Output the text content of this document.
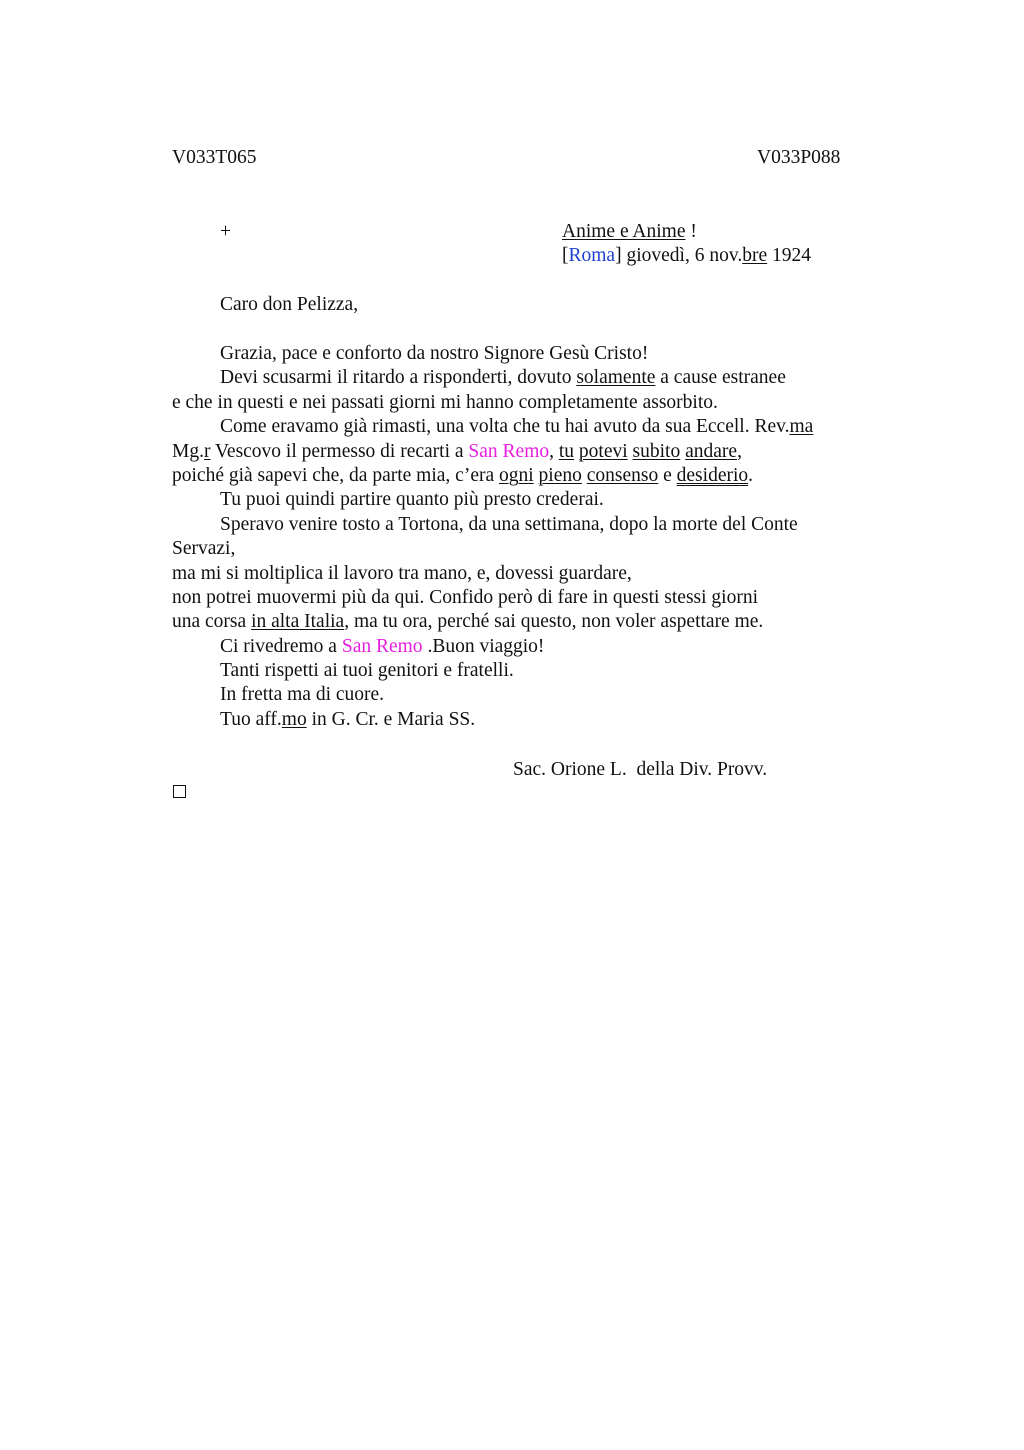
V033T065	V033P088
+	Anime e Anime !
[Roma] giovedì, 6 nov.bre 1924
Caro don Pelizza,
Grazia, pace e conforto da nostro Signore Gesù Cristo!
Devi scusarmi il ritardo a risponderti, dovuto solamente a cause estranee
e che in questi e nei passati giorni mi hanno completamente assorbito.
Come eravamo già rimasti, una volta che tu hai avuto da sua Eccell. Rev.ma
Mg.r Vescovo il permesso di recarti a San Remo, tu potevi subito andare,
poiché già sapevi che, da parte mia, c’era ogni pieno consenso e desiderio.
Tu puoi quindi partire quanto più presto crederai.
Speravo venire tosto a Tortona, da una settimana, dopo la morte del Conte
Servazi,
ma mi si moltiplica il lavoro tra mano, e, dovessi guardare,
non potrei muovermi più da qui. Confido però di fare in questi stessi giorni
una corsa in alta Italia, ma tu ora, perché sai questo, non voler aspettare me.
Ci rivedremo a San Remo .Buon viaggio!
Tanti rispetti ai tuoi genitori e fratelli.
In fretta ma di cuore.
Tuo aff.mo in G. Cr. e Maria SS.
Sac. Orione L.  della Div. Provv.
